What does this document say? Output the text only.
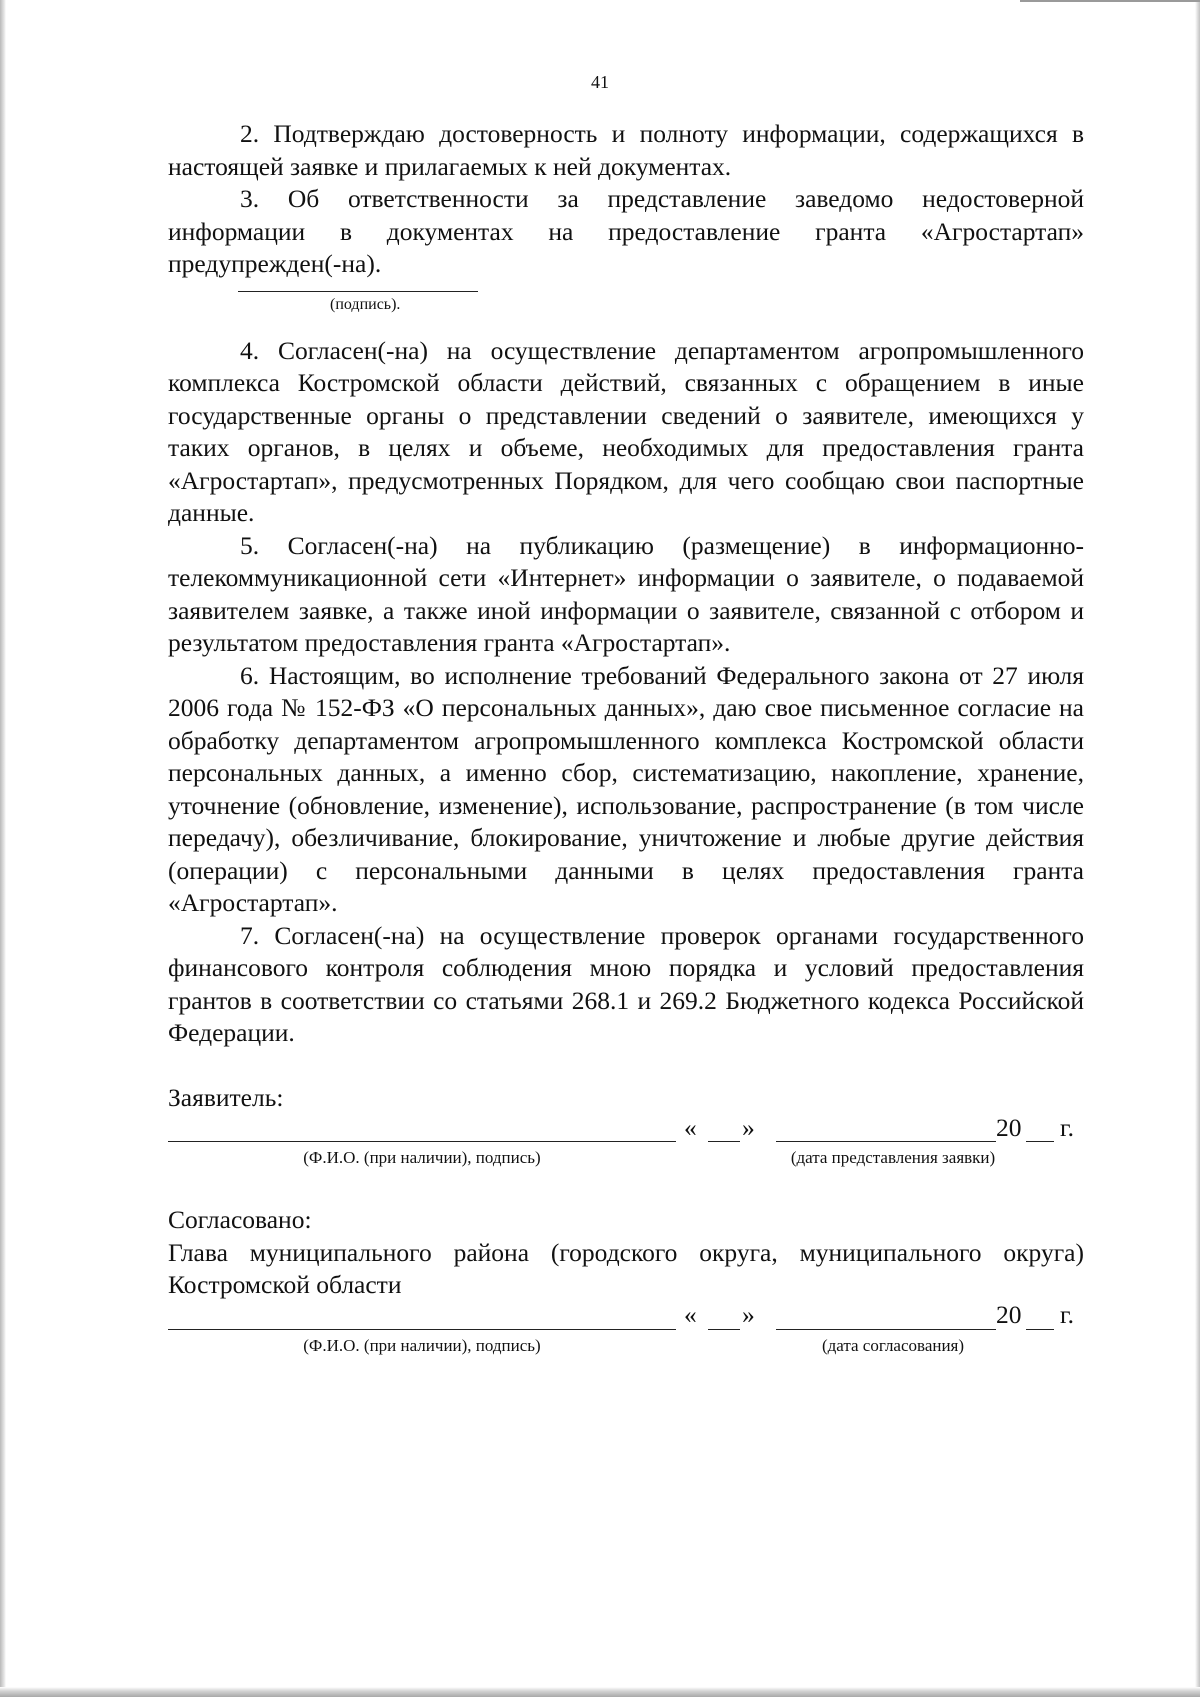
41

2. Подтверждаю достоверность и полноту информации, содержащихся в настоящей заявке и прилагаемых к ней документах.

3. Об ответственности за представление заведомо недостоверной информации в документах на предоставление гранта «Агростартап» предупрежден(-на).

(подпись).

4. Согласен(-на) на осуществление департаментом агропромышленного комплекса Костромской области действий, связанных с обращением в иные государственные органы о представлении сведений о заявителе, имеющихся у таких органов, в целях и объеме, необходимых для предоставления гранта «Агростартап», предусмотренных Порядком, для чего сообщаю свои паспортные данные.

5. Согласен(-на) на публикацию (размещение) в информационно-телекоммуникационной сети «Интернет» информации о заявителе, о подаваемой заявителем заявке, а также иной информации о заявителе, связанной с отбором и результатом предоставления гранта «Агростартап».

6. Настоящим, во исполнение требований Федерального закона от 27 июля 2006 года № 152-ФЗ «О персональных данных», даю свое письменное согласие на обработку департаментом агропромышленного комплекса Костромской области персональных данных, а именно сбор, систематизацию, накопление, хранение, уточнение (обновление, изменение), использование, распространение (в том числе передачу), обезличивание, блокирование, уничтожение и любые другие действия (операции) с персональными данными в целях предоставления гранта «Агростартап».

7. Согласен(-на) на осуществление проверок органами государственного финансового контроля соблюдения мною порядка и условий предоставления грантов в соответствии со статьями 268.1 и 269.2 Бюджетного кодекса Российской Федерации.

Заявитель:

« »	20 г.
(Ф.И.О. (при наличии), подпись)	(дата представления заявки)

Согласовано:

Глава муниципального района (городского округа, муниципального округа) Костромской области

« »	20 г.
(Ф.И.О. (при наличии), подпись)	(дата согласования)
